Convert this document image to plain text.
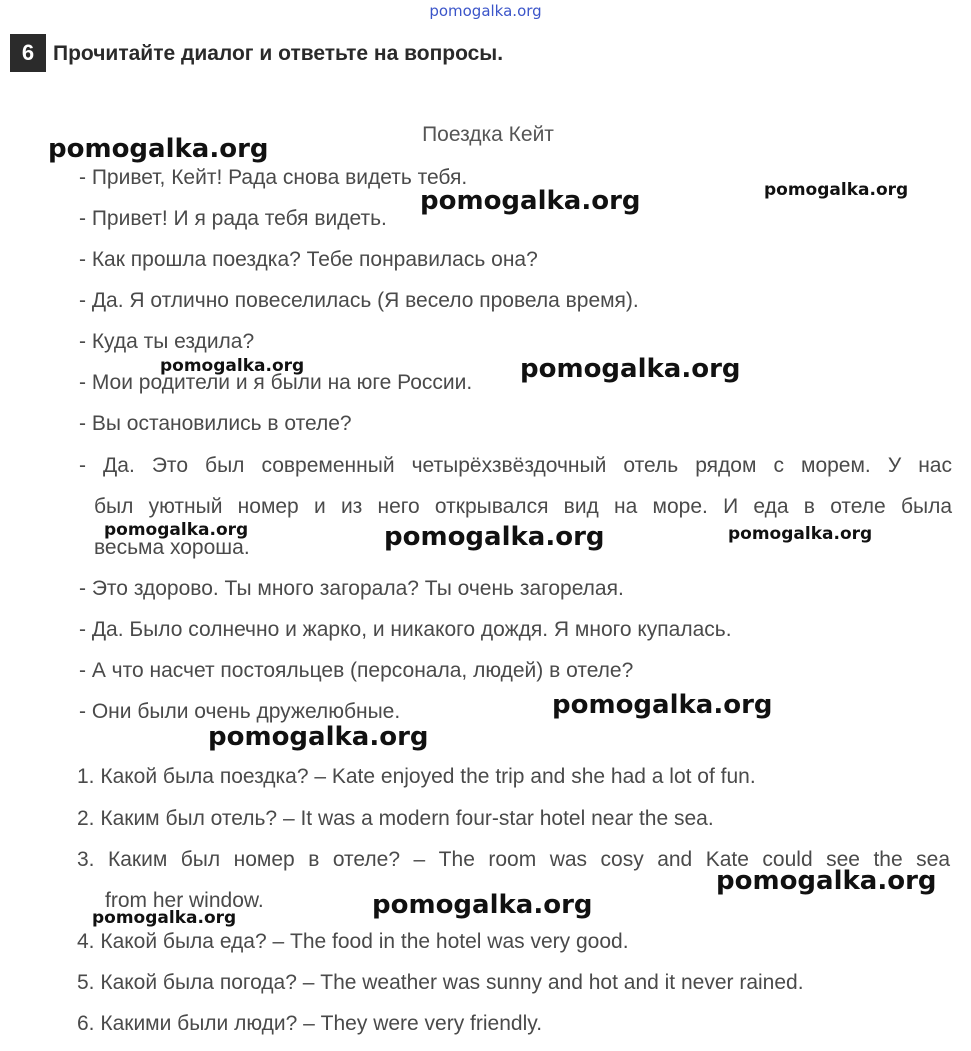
pomogalka.org
6 Прочитайте диалог и ответьте на вопросы.
Поездка Кейт
- Привет, Кейт! Рада снова видеть тебя.
- Привет! И я рада тебя видеть.
- Как прошла поездка? Тебе понравилась она?
- Да. Я отлично повеселилась (Я весело провела время).
- Куда ты ездила?
- Мои родители и я были на юге России.
- Вы остановились в отеле?
- Да. Это был современный четырёхзвёздочный отель рядом с морем. У нас
был уютный номер и из него открывался вид на море. И еда в отеле была
весьма хороша.
- Это здорово. Ты много загорала? Ты очень загорелая.
- Да. Было солнечно и жарко, и никакого дождя. Я много купалась.
- А что насчет постояльцев (персонала, людей) в отеле?
- Они были очень дружелюбные.
1. Какой была поездка? – Kate enjoyed the trip and she had a lot of fun.
2. Каким был отель? – It was a modern four-star hotel near the sea.
3. Каким был номер в отеле? – The room was cosy and Kate could see the sea
from her window.
4. Какой была еда? – The food in the hotel was very good.
5. Какой была погода? – The weather was sunny and hot and it never rained.
6. Какими были люди? – They were very friendly.
pomogalka.org
pomogalka.org
pomogalka.org
pomogalka.org	pomogalka.org
pomogalka.org	pomogalka.org	pomogalka.org
pomogalka.org
pomogalka.org
pomogalka.org
pomogalka.org
pomogalka.org
